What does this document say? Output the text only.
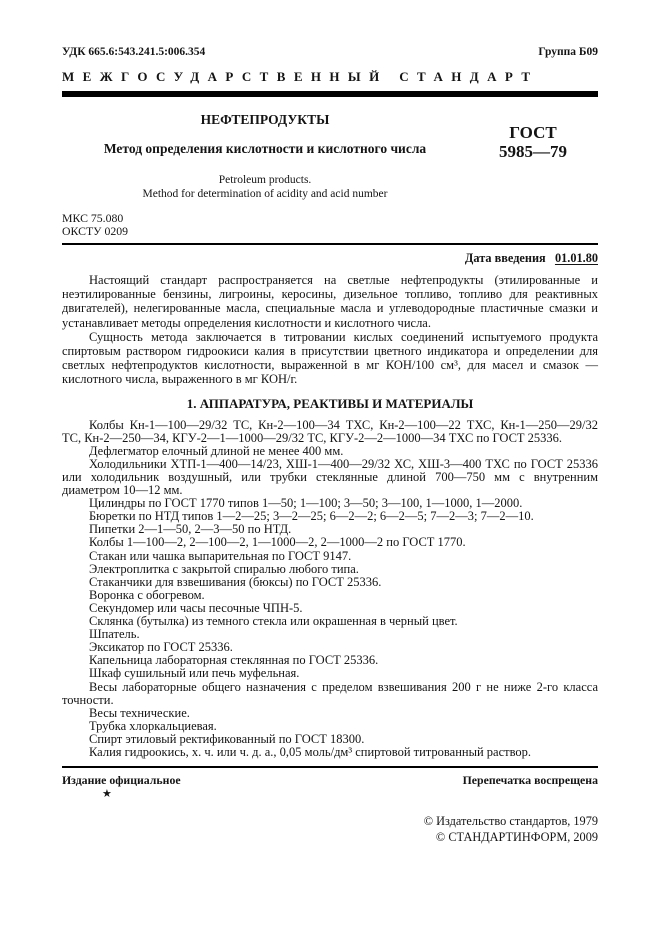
УДК 665.6:543.241.5:006.354	Группа Б09
МЕЖГОСУДАРСТВЕННЫЙ СТАНДАРТ
НЕФТЕПРОДУКТЫ
Метод определения кислотности и кислотного числа
Petroleum products.
Method for determination of acidity and acid number
ГОСТ
5985—79
МКС 75.080
ОКСТУ 0209
Дата введения 01.01.80

Настоящий стандарт распространяется на светлые нефтепродукты (этилированные и неэтилированные бензины, лигроины, керосины, дизельное топливо, топливо для реактивных двигателей), нелегированные масла, специальные масла и углеводородные пластичные смазки и устанавливает методы определения кислотности и кислотного числа.

Сущность метода заключается в титровании кислых соединений испытуемого продукта спиртовым раствором гидроокиси калия в присутствии цветного индикатора и определении для светлых нефтепродуктов кислотности, выраженной в мг КОН/100 см³, для масел и смазок — кислотного числа, выраженного в мг КОН/г.

1. АППАРАТУРА, РЕАКТИВЫ И МАТЕРИАЛЫ
Колбы Кн-1—100—29/32 ТС, Кн-2—100—34 ТХС, Кн-2—100—22 ТХС, Кн-1—250—29/32 ТС, Кн-2—250—34, КГУ-2—1—1000—29/32 ТС, КГУ-2—2—1000—34 ТХС по ГОСТ 25336.
Дефлегматор елочный длиной не менее 400 мм.
Холодильники ХТП-1—400—14/23, ХШ-1—400—29/32 ХС, ХШ-3—400 ТХС по ГОСТ 25336 или холодильник воздушный, или трубки стеклянные длиной 700—750 мм с внутренним диаметром 10—12 мм.
Цилиндры по ГОСТ 1770 типов 1—50; 1—100; 3—50; 3—100, 1—1000, 1—2000.
Бюретки по НТД типов 1—2—25; 3—2—25; 6—2—2; 6—2—5; 7—2—3; 7—2—10.
Пипетки 2—1—50, 2—3—50 по НТД.
Колбы 1—100—2, 2—100—2, 1—1000—2, 2—1000—2 по ГОСТ 1770.
Стакан или чашка выпарительная по ГОСТ 9147.
Электроплитка с закрытой спиралью любого типа.
Стаканчики для взвешивания (бюксы) по ГОСТ 25336.
Воронка с обогревом.
Секундомер или часы песочные ЧПН-5.
Склянка (бутылка) из темного стекла или окрашенная в черный цвет.
Шпатель.
Эксикатор по ГОСТ 25336.
Капельница лабораторная стеклянная по ГОСТ 25336.
Шкаф сушильный или печь муфельная.
Весы лабораторные общего назначения с пределом взвешивания 200 г не ниже 2-го класса точности.
Весы технические.
Трубка хлоркальциевая.
Спирт этиловый ректификованный по ГОСТ 18300.
Калия гидроокись, х. ч. или ч. д. а., 0,05 моль/дм³ спиртовой титрованный раствор.
Издание официальное	Перепечатка воспрещена
★
© Издательство стандартов, 1979
© СТАНДАРТИНФОРМ, 2009
